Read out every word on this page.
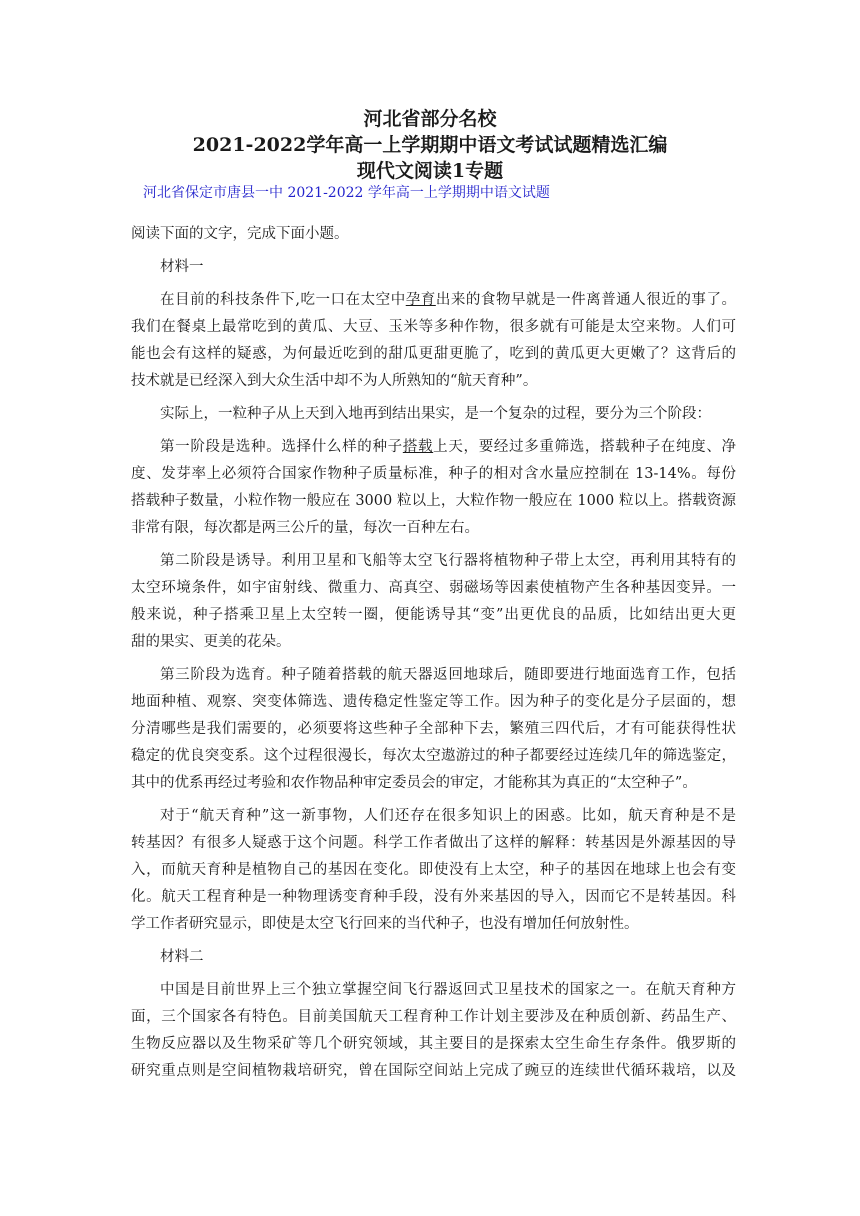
河北省部分名校
2021-2022学年高一上学期期中语文考试试题精选汇编
现代文阅读1专题
河北省保定市唐县一中 2021-2022 学年高一上学期期中语文试题
阅读下面的文字，完成下面小题。
材料一
在目前的科技条件下,吃一口在太空中孕育出来的食物早就是一件离普通人很近的事了。
我们在餐桌上最常吃到的黄瓜、大豆、玉米等多种作物，很多就有可能是太空来物。人们可
能也会有这样的疑惑，为何最近吃到的甜瓜更甜更脆了，吃到的黄瓜更大更嫩了？这背后的
技术就是已经深入到大众生活中却不为人所熟知的“航天育种”。
实际上，一粒种子从上天到入地再到结出果实，是一个复杂的过程，要分为三个阶段：
第一阶段是选种。选择什么样的种子搭载上天，要经过多重筛选，搭载种子在纯度、净
度、发芽率上必须符合国家作物种子质量标准，种子的相对含水量应控制在 13-14%。每份
搭载种子数量，小粒作物一般应在 3000 粒以上，大粒作物一般应在 1000 粒以上。搭载资源
非常有限，每次都是两三公斤的量，每次一百种左右。
第二阶段是诱导。利用卫星和飞船等太空飞行器将植物种子带上太空，再利用其特有的
太空环境条件，如宇宙射线、微重力、高真空、弱磁场等因素使植物产生各种基因变异。一
般来说，种子搭乘卫星上太空转一圈，便能诱导其“变”出更优良的品质，比如结出更大更
甜的果实、更美的花朵。
第三阶段为选育。种子随着搭载的航天器返回地球后，随即要进行地面选育工作，包括
地面种植、观察、突变体筛选、遗传稳定性鉴定等工作。因为种子的变化是分子层面的，想
分清哪些是我们需要的，必须要将这些种子全部种下去，繁殖三四代后，才有可能获得性状
稳定的优良突变系。这个过程很漫长，每次太空遨游过的种子都要经过连续几年的筛选鉴定，
其中的优系再经过考验和农作物品种审定委员会的审定，才能称其为真正的“太空种子”。
对于“航天育种”这一新事物，人们还存在很多知识上的困惑。比如，航天育种是不是
转基因？有很多人疑惑于这个问题。科学工作者做出了这样的解释：转基因是外源基因的导
入，而航天育种是植物自己的基因在变化。即使没有上太空，种子的基因在地球上也会有变
化。航天工程育种是一种物理诱变育种手段，没有外来基因的导入，因而它不是转基因。科
学工作者研究显示，即使是太空飞行回来的当代种子，也没有增加任何放射性。
材料二
中国是目前世界上三个独立掌握空间飞行器返回式卫星技术的国家之一。在航天育种方
面，三个国家各有特色。目前美国航天工程育种工作计划主要涉及在种质创新、药品生产、
生物反应器以及生物采矿等几个研究领域，其主要目的是探索太空生命生存条件。俄罗斯的
研究重点则是空间植物栽培研究，曾在国际空间站上完成了豌豆的连续世代循环栽培，以及
